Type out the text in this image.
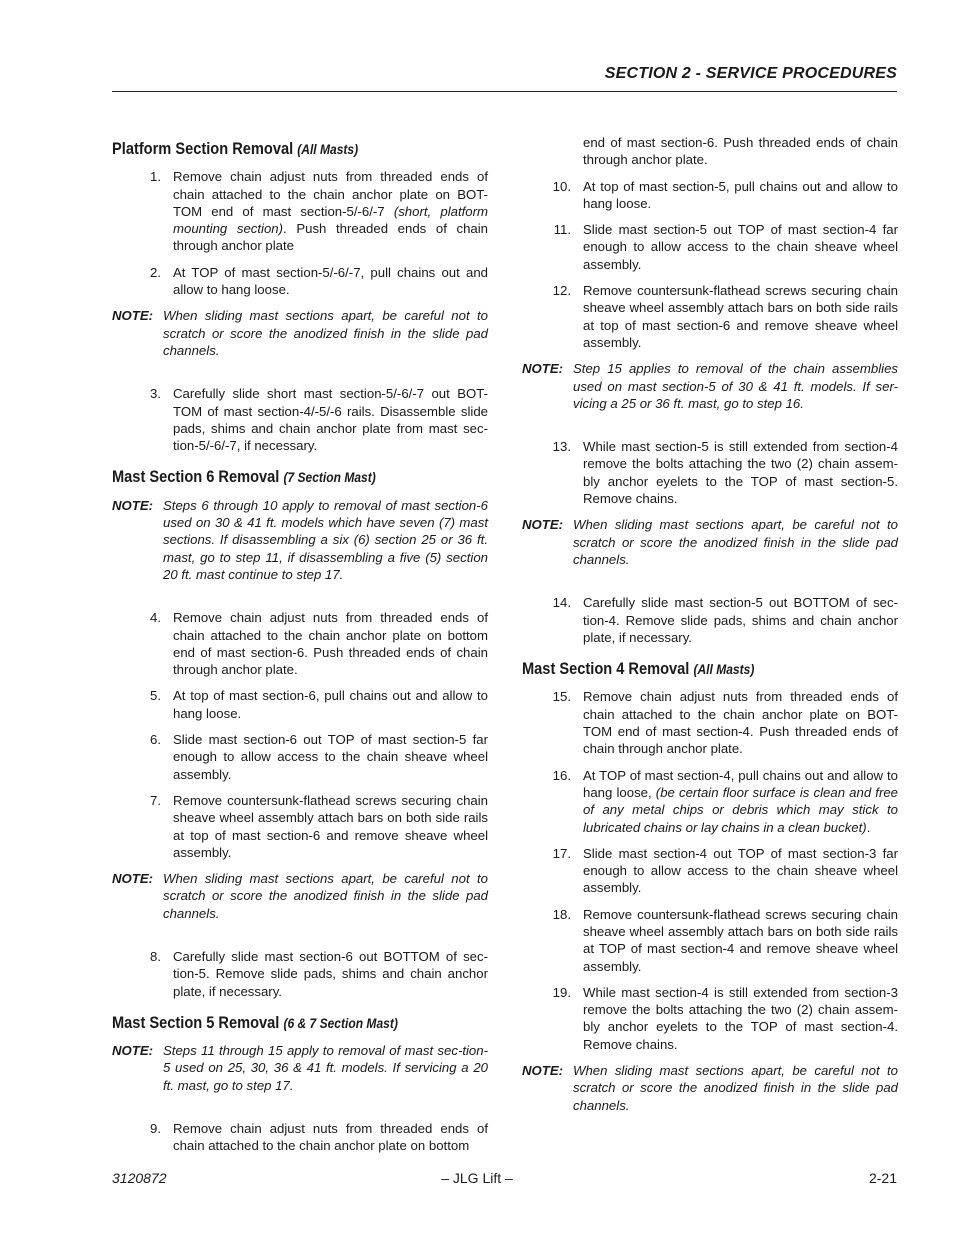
SECTION 2 - SERVICE PROCEDURES
Platform Section Removal (All Masts)
1. Remove chain adjust nuts from threaded ends of chain attached to the chain anchor plate on BOT-TOM end of mast section-5/-6/-7 (short, platform mounting section). Push threaded ends of chain through anchor plate
2. At TOP of mast section-5/-6/-7, pull chains out and allow to hang loose.
NOTE: When sliding mast sections apart, be careful not to scratch or score the anodized finish in the slide pad channels.
3. Carefully slide short mast section-5/-6/-7 out BOT-TOM of mast section-4/-5/-6 rails. Disassemble slide pads, shims and chain anchor plate from mast sec-tion-5/-6/-7, if necessary.
Mast Section 6 Removal (7 Section Mast)
NOTE: Steps 6 through 10 apply to removal of mast section-6 used on 30 & 41 ft. models which have seven (7) mast sections. If disassembling a six (6) section 25 or 36 ft. mast, go to step 11, if disassembling a five (5) section 20 ft. mast continue to step 17.
4. Remove chain adjust nuts from threaded ends of chain attached to the chain anchor plate on bottom end of mast section-6. Push threaded ends of chain through anchor plate.
5. At top of mast section-6, pull chains out and allow to hang loose.
6. Slide mast section-6 out TOP of mast section-5 far enough to allow access to the chain sheave wheel assembly.
7. Remove countersunk-flathead screws securing chain sheave wheel assembly attach bars on both side rails at top of mast section-6 and remove sheave wheel assembly.
NOTE: When sliding mast sections apart, be careful not to scratch or score the anodized finish in the slide pad channels.
8. Carefully slide mast section-6 out BOTTOM of sec-tion-5. Remove slide pads, shims and chain anchor plate, if necessary.
Mast Section 5 Removal (6 & 7 Section Mast)
NOTE: Steps 11 through 15 apply to removal of mast sec-tion-5 used on 25, 30, 36 & 41 ft. models. If servicing a 20 ft. mast, go to step 17.
9. Remove chain adjust nuts from threaded ends of chain attached to the chain anchor plate on bottom
end of mast section-6. Push threaded ends of chain through anchor plate.
10. At top of mast section-5, pull chains out and allow to hang loose.
11. Slide mast section-5 out TOP of mast section-4 far enough to allow access to the chain sheave wheel assembly.
12. Remove countersunk-flathead screws securing chain sheave wheel assembly attach bars on both side rails at top of mast section-6 and remove sheave wheel assembly.
NOTE: Step 15 applies to removal of the chain assemblies used on mast section-5 of 30 & 41 ft. models. If ser-vicing a 25 or 36 ft. mast, go to step 16.
13. While mast section-5 is still extended from section-4 remove the bolts attaching the two (2) chain assem-bly anchor eyelets to the TOP of mast section-5. Remove chains.
NOTE: When sliding mast sections apart, be careful not to scratch or score the anodized finish in the slide pad channels.
14. Carefully slide mast section-5 out BOTTOM of sec-tion-4. Remove slide pads, shims and chain anchor plate, if necessary.
Mast Section 4 Removal (All Masts)
15. Remove chain adjust nuts from threaded ends of chain attached to the chain anchor plate on BOT-TOM end of mast section-4. Push threaded ends of chain through anchor plate.
16. At TOP of mast section-4, pull chains out and allow to hang loose, (be certain floor surface is clean and free of any metal chips or debris which may stick to lubricated chains or lay chains in a clean bucket).
17. Slide mast section-4 out TOP of mast section-3 far enough to allow access to the chain sheave wheel assembly.
18. Remove countersunk-flathead screws securing chain sheave wheel assembly attach bars on both side rails at TOP of mast section-4 and remove sheave wheel assembly.
19. While mast section-4 is still extended from section-3 remove the bolts attaching the two (2) chain assem-bly anchor eyelets to the TOP of mast section-4. Remove chains.
NOTE: When sliding mast sections apart, be careful not to scratch or score the anodized finish in the slide pad channels.
3120872	– JLG Lift –	2-21
